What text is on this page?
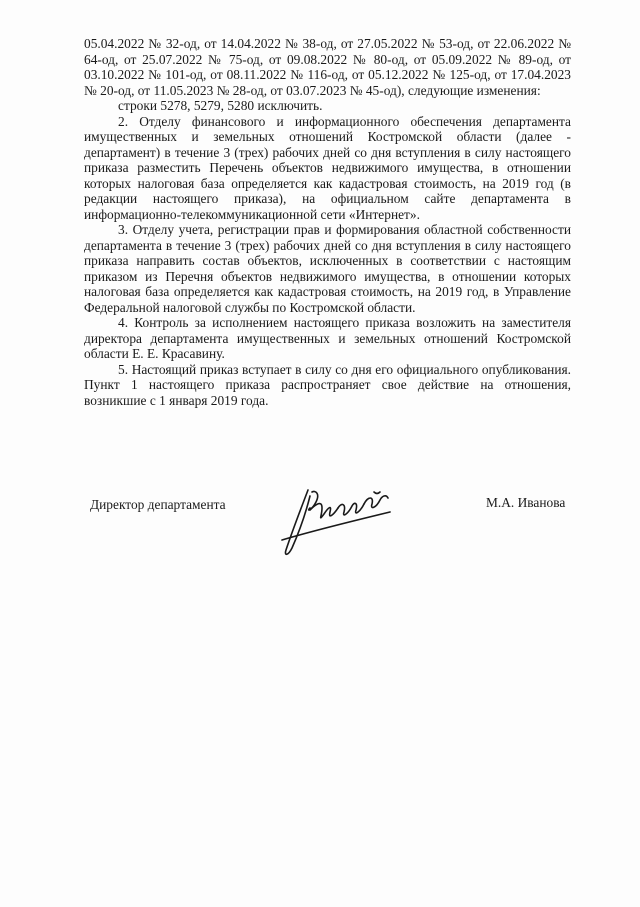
05.04.2022 № 32-од, от 14.04.2022 № 38-од, от 27.05.2022 № 53-од, от 22.06.2022 № 64-од, от 25.07.2022 № 75-од, от 09.08.2022 № 80-од, от 05.09.2022 № 89-од, от 03.10.2022 № 101-од, от 08.11.2022 № 116-од, от 05.12.2022 № 125-од, от 17.04.2023 № 20-од, от 11.05.2023 № 28-од, от 03.07.2023 № 45-од), следующие изменения:

строки 5278, 5279, 5280 исключить.

2. Отделу финансового и информационного обеспечения департамента имущественных и земельных отношений Костромской области (далее - департамент) в течение 3 (трех) рабочих дней со дня вступления в силу настоящего приказа разместить Перечень объектов недвижимого имущества, в отношении которых налоговая база определяется как кадастровая стоимость, на 2019 год (в редакции настоящего приказа), на официальном сайте департамента в информационно-телекоммуникационной сети «Интернет».

3. Отделу учета, регистрации прав и формирования областной собственности департамента в течение 3 (трех) рабочих дней со дня вступления в силу настоящего приказа направить состав объектов, исключенных в соответствии с настоящим приказом из Перечня объектов недвижимого имущества, в отношении которых налоговая база определяется как кадастровая стоимость, на 2019 год, в Управление Федеральной налоговой службы по Костромской области.

4. Контроль за исполнением настоящего приказа возложить на заместителя директора департамента имущественных и земельных отношений Костромской области Е. Е. Красавину.

5. Настоящий приказ вступает в силу со дня его официального опубликования. Пункт 1 настоящего приказа распространяет свое действие на отношения, возникшие с 1 января 2019 года.

Директор департамента	М.А. Иванова
